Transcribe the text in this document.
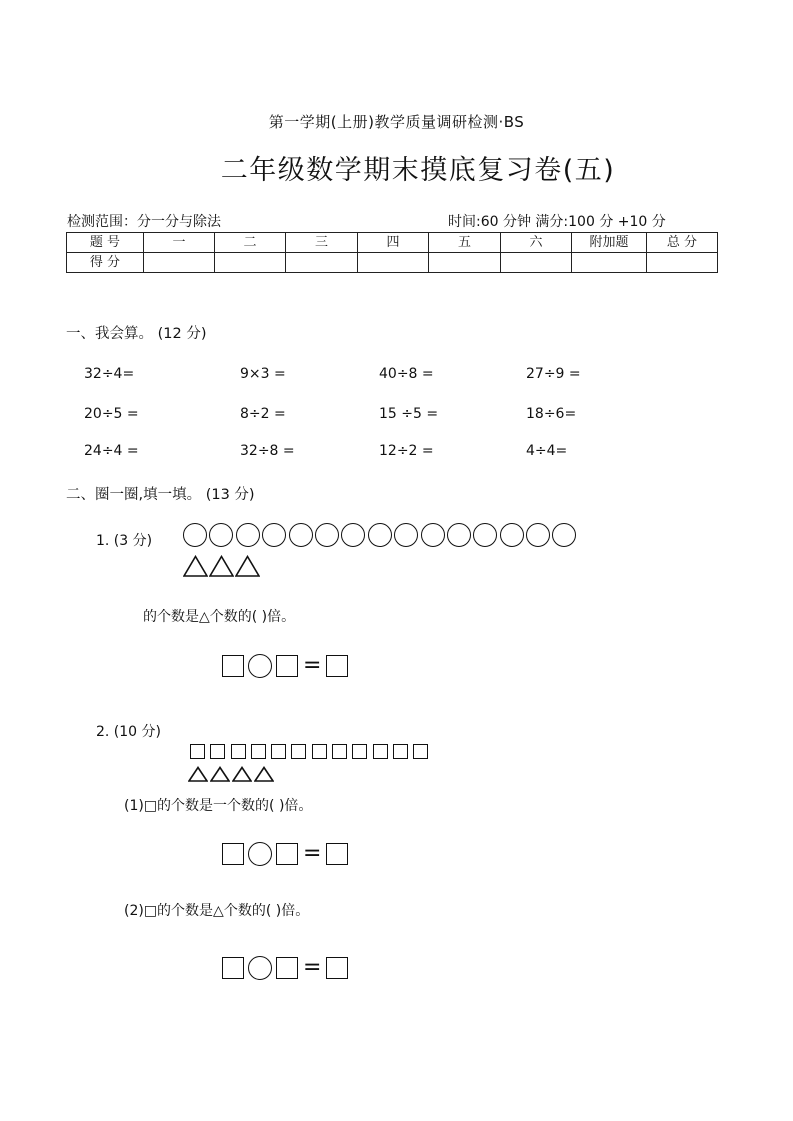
第一学期(上册)教学质量调研检测·BS
二年级数学期末摸底复习卷(五)
检测范围：分一分与除法	时间:60 分钟 满分:100 分 +10 分
题 号	一	二	三	四	五	六	附加题	总 分
得 分								
一、我会算。 (12 分)
32÷4=	9×3 =	40÷8 =	27÷9 =
20÷5 =	8÷2 =	15 ÷5 =	18÷6=
24÷4 =	32÷8 =	12÷2 =	4÷4=
二、圈一圈,填一填。 (13 分)
1. (3 分)
的个数是△个数的( )倍。
=
2. (10 分)
(1)□的个数是一个数的( )倍。
=
(2)□的个数是△个数的( )倍。
=
